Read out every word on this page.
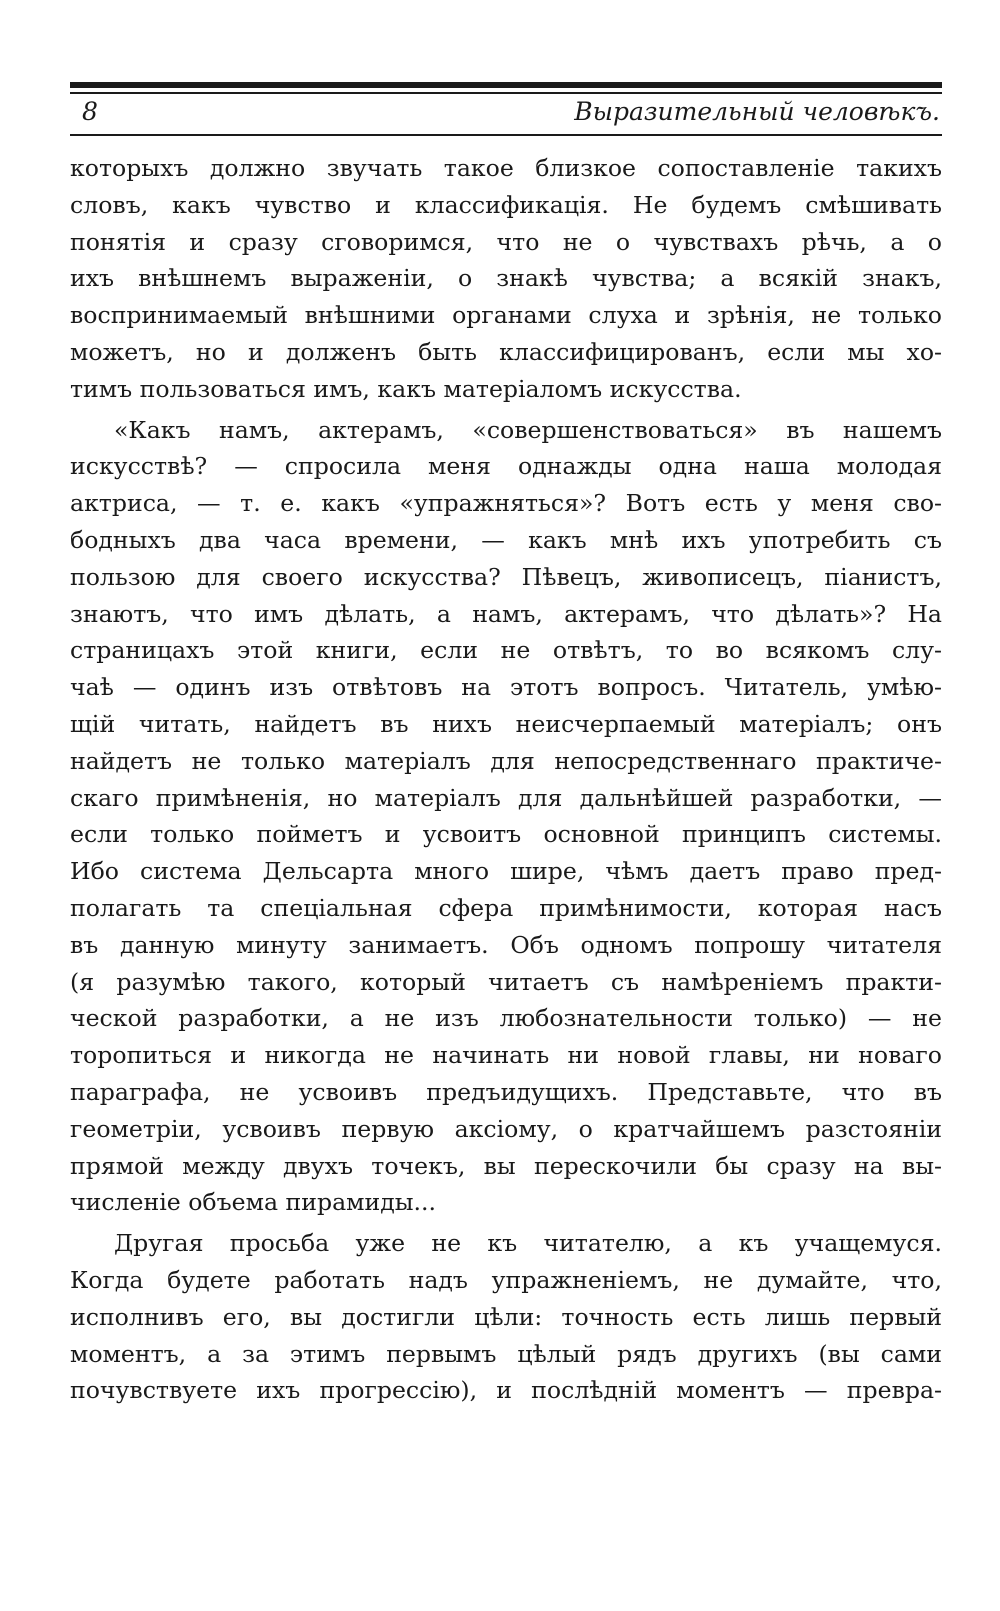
8	Выразительный человѣкъ.

которыхъ должно звучать такое близкое сопоставленіе такихъ
словъ, какъ чувство и классификація. Не будемъ смѣшивать
понятія и сразу сговоримся, что не о чувствахъ рѣчь, а о
ихъ внѣшнемъ выраженіи, о знакѣ чувства; а всякій знакъ,
воспринимаемый внѣшними органами слуха и зрѣнія, не только
можетъ, но и долженъ быть классифицированъ, если мы хо-
тимъ пользоваться имъ, какъ матеріаломъ искусства.

«Какъ намъ, актерамъ, «совершенствоваться» въ нашемъ
искусствѣ? — спросила меня однажды одна наша молодая
актриса, — т. е. какъ «упражняться»? Вотъ есть у меня сво-
бодныхъ два часа времени, — какъ мнѣ ихъ употребить съ
пользою для своего искусства? Пѣвецъ, живописецъ, піанистъ,
знаютъ, что имъ дѣлать, а намъ, актерамъ, что дѣлать»? На
страницахъ этой книги, если не отвѣтъ, то во всякомъ слу-
чаѣ — одинъ изъ отвѣтовъ на этотъ вопросъ. Читатель, умѣю-
щій читать, найдетъ въ нихъ неисчерпаемый матеріалъ; онъ
найдетъ не только матеріалъ для непосредственнаго практиче-
скаго примѣненія, но матеріалъ для дальнѣйшей разработки, —
если только пойметъ и усвоитъ основной принципъ системы.
Ибо система Дельсарта много шире, чѣмъ даетъ право пред-
полагать та спеціальная сфера примѣнимости, которая насъ
въ данную минуту занимаетъ. Объ одномъ попрошу читателя
(я разумѣю такого, который читаетъ съ намѣреніемъ практи-
ческой разработки, а не изъ любознательности только) — не
торопиться и никогда не начинать ни новой главы, ни новаго
параграфа, не усвоивъ предъидущихъ. Представьте, что въ
геометріи, усвоивъ первую аксіому, о кратчайшемъ разстояніи
прямой между двухъ точекъ, вы перескочили бы сразу на вы-
численіе объема пирамиды...

Другая просьба уже не къ читателю, а къ учащемуся.
Когда будете работать надъ упражненіемъ, не думайте, что,
исполнивъ его, вы достигли цѣли: точность есть лишь первый
моментъ, а за этимъ первымъ цѣлый рядъ другихъ (вы сами
почувствуете ихъ прогрессію), и послѣдній моментъ — превра-
